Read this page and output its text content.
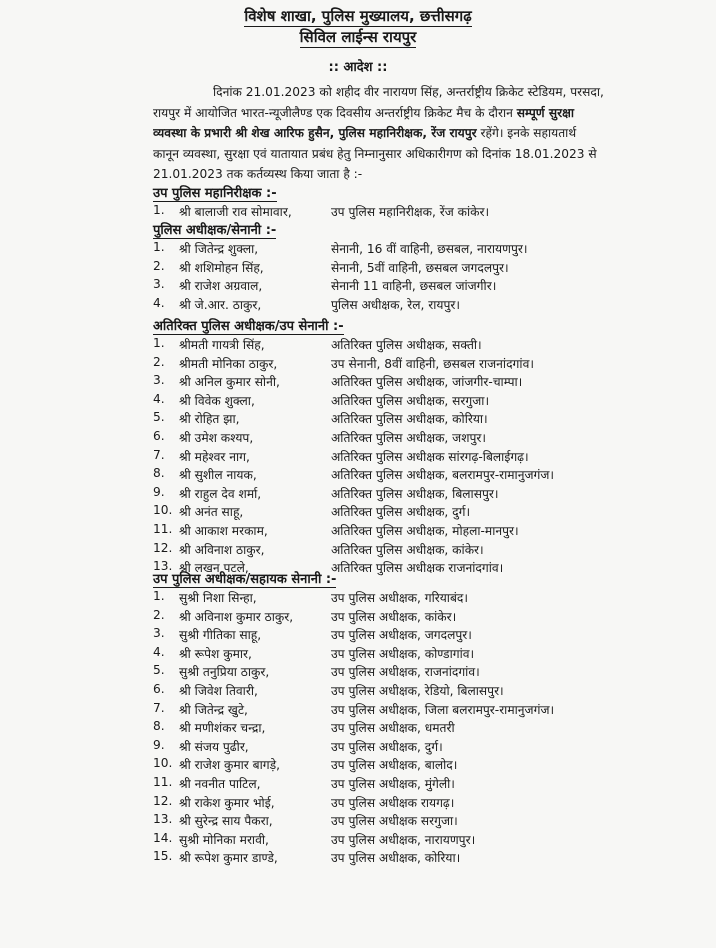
विशेष शाखा, पुलिस मुख्यालय, छत्तीसगढ़
सिविल लाईन्स रायपुर
:: आदेश ::
दिनांक 21.01.2023 को शहीद वीर नारायण सिंह, अन्तर्राष्ट्रीय क्रिकेट स्टेडियम, परसदा,
रायपुर में आयोजित भारत-न्यूजीलैण्ड एक दिवसीय अन्तर्राष्ट्रीय क्रिकेट मैच के दौरान सम्पूर्ण सुरक्षा
व्यवस्था के प्रभारी श्री शेख आरिफ हुसैन, पुलिस महानिरीक्षक, रेंज रायपुर रहेंगे। इनके सहायतार्थ
कानून व्यवस्था, सुरक्षा एवं यातायात प्रबंध हेतु निम्नानुसार अधिकारीगण को दिनांक 18.01.2023 से
21.01.2023 तक कर्तव्यस्थ किया जाता है :-
उप पुलिस महानिरीक्षक :-
1.	श्री बालाजी राव सोमावार,	उप पुलिस महानिरीक्षक, रेंज कांकेर।
पुलिस अधीक्षक/सेनानी :-
1.	श्री जितेन्द्र शुक्ला,	सेनानी, 16 वीं वाहिनी, छसबल, नारायणपुर।
2.	श्री शशिमोहन सिंह,	सेनानी, 5वीं वाहिनी, छसबल जगदलपुर।
3.	श्री राजेश अग्रवाल,	सेनानी 11 वाहिनी, छसबल जांजगीर।
4.	श्री जे.आर. ठाकुर,	पुलिस अधीक्षक, रेल, रायपुर।
अतिरिक्त पुलिस अधीक्षक/उप सेनानी :-
1.	श्रीमती गायत्री सिंह,	अतिरिक्त पुलिस अधीक्षक, सक्ती।
2.	श्रीमती मोनिका ठाकुर,	उप सेनानी, 8वीं वाहिनी, छसबल राजनांदगांव।
3.	श्री अनिल कुमार सोनी,	अतिरिक्त पुलिस अधीक्षक, जांजगीर-चाम्पा।
4.	श्री विवेक शुक्ला,	अतिरिक्त पुलिस अधीक्षक, सरगुजा।
5.	श्री रोहित झा,	अतिरिक्त पुलिस अधीक्षक, कोरिया।
6.	श्री उमेश कश्यप,	अतिरिक्त पुलिस अधीक्षक, जशपुर।
7.	श्री महेश्वर नाग,	अतिरिक्त पुलिस अधीक्षक सांरगढ़-बिलाईगढ़।
8.	श्री सुशील नायक,	अतिरिक्त पुलिस अधीक्षक, बलरामपुर-रामानुजगंज।
9.	श्री राहुल देव शर्मा,	अतिरिक्त पुलिस अधीक्षक, बिलासपुर।
10. श्री अनंत साहू,	अतिरिक्त पुलिस अधीक्षक, दुर्ग।
11. श्री आकाश मरकाम,	अतिरिक्त पुलिस अधीक्षक, मोहला-मानपुर।
12. श्री अविनाश ठाकुर,	अतिरिक्त पुलिस अधीक्षक, कांकेर।
13. श्री लखन पटले,	अतिरिक्त पुलिस अधीक्षक राजनांदगांव।
उप पुलिस अधीक्षक/सहायक सेनानी :-
1.	सुश्री निशा सिन्हा,	उप पुलिस अधीक्षक, गरियाबंद।
2.	श्री अविनाश कुमार ठाकुर,	उप पुलिस अधीक्षक, कांकेर।
3.	सुश्री गीतिका साहू,	उप पुलिस अधीक्षक, जगदलपुर।
4.	श्री रूपेश कुमार,	उप पुलिस अधीक्षक, कोण्डागांव।
5.	सुश्री तनुप्रिया ठाकुर,	उप पुलिस अधीक्षक, राजनांदगांव।
6.	श्री जिवेश तिवारी,	उप पुलिस अधीक्षक, रेडियो, बिलासपुर।
7.	श्री जितेन्द्र खुटे,	उप पुलिस अधीक्षक, जिला बलरामपुर-रामानुजगंज।
8.	श्री मणीशंकर चन्द्रा,	उप पुलिस अधीक्षक, धमतरी
9.	श्री संजय पुढीर,	उप पुलिस अधीक्षक, दुर्ग।
10. श्री राजेश कुमार बागड़े,	उप पुलिस अधीक्षक, बालोद।
11. श्री नवनीत पाटिल,	उप पुलिस अधीक्षक, मुंगेली।
12. श्री राकेश कुमार भोई,	उप पुलिस अधीक्षक रायगढ़।
13. श्री सुरेन्द्र साय पैकरा,	उप पुलिस अधीक्षक सरगुजा।
14. सुश्री मोनिका मरावी,	उप पुलिस अधीक्षक, नारायणपुर।
15. श्री रूपेश कुमार डाण्डे,	उप पुलिस अधीक्षक, कोरिया।
